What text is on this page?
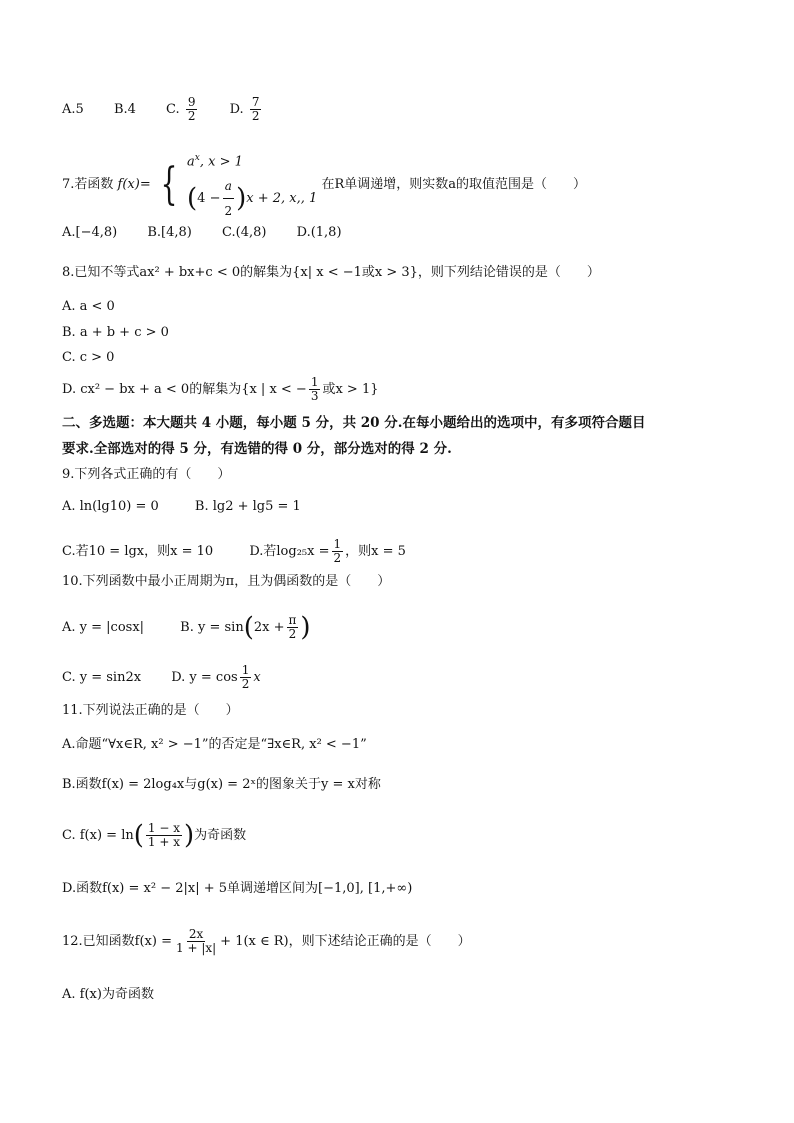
A.5 B.4 C. $\frac{9}{2} D$. $\frac{7}{2}$
7.若函数 f(x)= { $a^x$, x > 1
$(4 - \frac{a}{2} )x + 2$, x,, 1
在R单调递增，则实数a的取值范围是（　　）
A.[−4,8) B.[4,8) C.(4,8) D.(1,8)
8.已知不等式ax² + bx+c < 0的解集为{x| x < −1或x > 3}，则下列结论错误的是（　　）
A. a < 0
B. a + b + c > 0
C. c > 0
D. cx² − bx + a < 0的解集为{x | x < − $\frac{1}{3}$ 或x > 1}
二、多选题：本大题共 4 小题，每小题 5 分，共 20 分.在每小题给出的选项中，有多项符合题目
要求.全部选对的得 5 分，有选错的得 0 分，部分选对的得 2 分.
9.下列各式正确的有（　　）
A. ln(lg10) = 0	B. lg2 + lg5 = 1
C.若10 = lgx，则x = 10	D.若$\log_{25}x = \frac{1}{2}$ ，则x = 5
10.下列函数中最小正周期为π，且为偶函数的是（　　）
A. y = |cosx|	B. $y = \sin(2x + \frac{\pi}{2}$ )
C. y = sin2x D. $y = \cos \frac{1}{2}$ x
11.下列说法正确的是（　　）
A.命题“∀x∈R, x² > −1”的否定是“∃x∈R, x² < −1”
B.函数f(x) = 2log₄x与g(x) = 2ˣ的图象关于y = x对称
C. $f(x) = \ln( \frac{1 - x}{1 + x}$ )为奇函数
D.函数f(x) = x² − 2|x| + 5单调递增区间为[−1,0], [1,+∞)
12.已知函数$f(x) = \frac{2x}{1 + |x|} + 1(x$ ∈ R)，则下述结论正确的是（　　）
A. f(x)为奇函数
